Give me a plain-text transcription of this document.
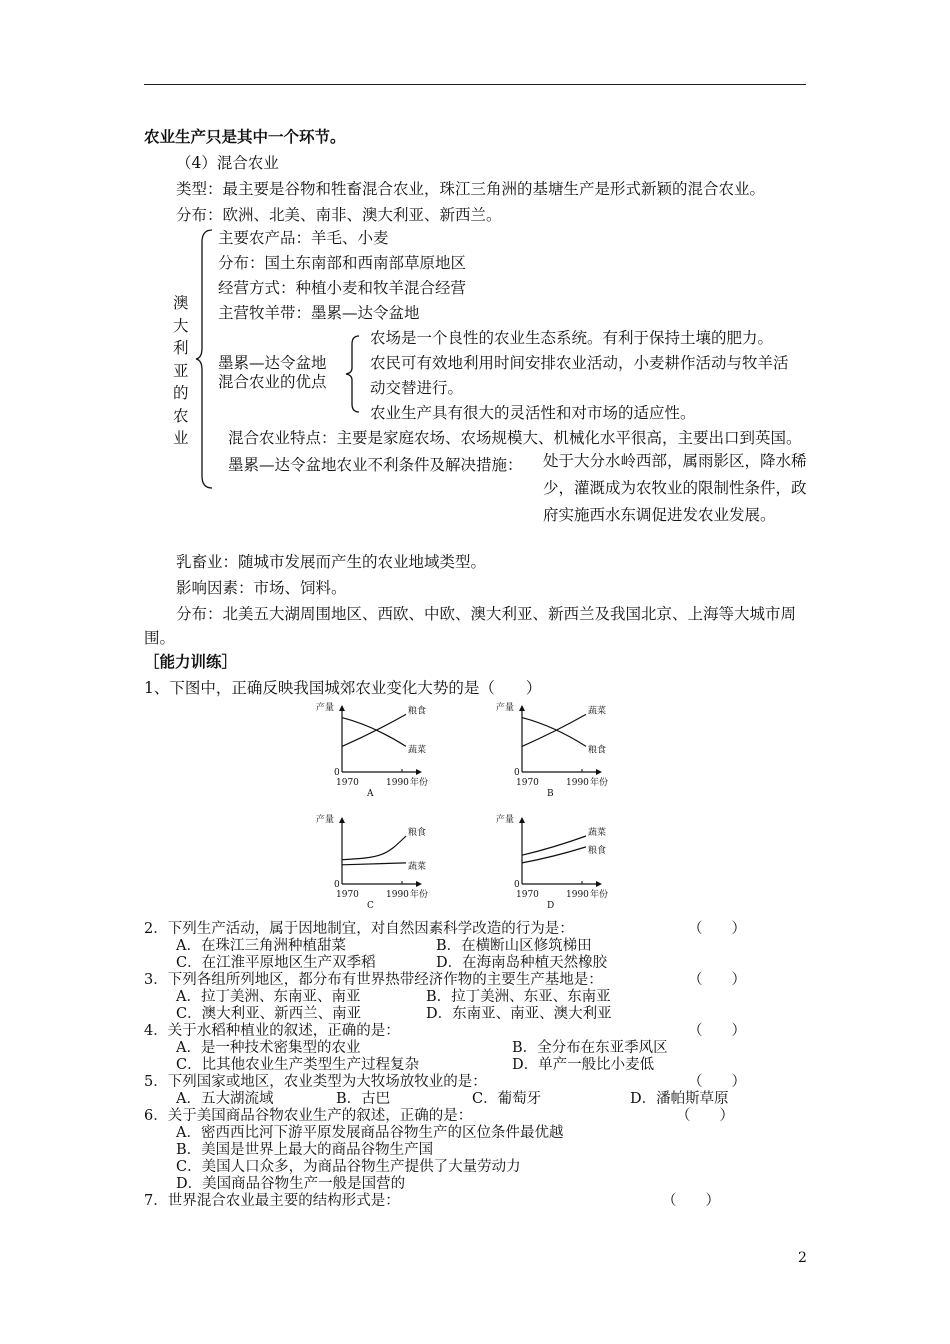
农业生产只是其中一个环节。
（4）混合农业
类型：最主要是谷物和牲畜混合农业，珠江三角洲的基塘生产是形式新颖的混合农业。
分布：欧洲、北美、南非、澳大利亚、新西兰。
澳大利亚的农业
主要农产品：羊毛、小麦
分布：国土东南部和西南部草原地区
经营方式：种植小麦和牧羊混合经营
主营牧羊带：墨累—达令盆地
墨累—达令盆地
混合农业的优点
农场是一个良性的农业生态系统。有利于保持土壤的肥力。
农民可有效地利用时间安排农业活动，小麦耕作活动与牧羊活
动交替进行。
农业生产具有很大的灵活性和对市场的适应性。
混合农业特点：主要是家庭农场、农场规模大、机械化水平很高，主要出口到英国。
墨累—达令盆地农业不利条件及解决措施： 处于大分水岭西部，属雨影区，降水稀少，灌溉成为农牧业的限制性条件，政府实施西水东调促进发农业发展。
乳畜业：随城市发展而产生的农业地域类型。
影响因素：市场、饲料。
分布：北美五大湖周围地区、西欧、中欧、澳大利亚、新西兰及我国北京、上海等大城市周
围。
［能力训练］
1、下图中，正确反映我国城郊农业变化大势的是（　　）
产量
0
1970	1990 年份
A
粮食
蔬菜
产量
0
1970	1990 年份
B
蔬菜
粮食
产量
0
1970	1990 年份
C
粮食
蔬菜
产量
0
1970	1990 年份
D
蔬菜
粮食
2．下列生产活动，属于因地制宜，对自然因素科学改造的行为是：	（　　）
A．在珠江三角洲种植甜菜	B．在横断山区修筑梯田
C．在江淮平原地区生产双季稻	D．在海南岛种植天然橡胶
3．下列各组所列地区，都分布有世界热带经济作物的主要生产基地是：	（　　）
A．拉丁美洲、东南亚、南亚	B．拉丁美洲、东亚、东南亚
C．澳大利亚、新西兰、南亚	D．东南亚、南亚、澳大利亚
4．关于水稻种植业的叙述，正确的是：	（　　）
A．是一种技术密集型的农业	B．全分布在东亚季风区
C．比其他农业生产类型生产过程复杂	D．单产一般比小麦低
5．下列国家或地区，农业类型为大牧场放牧业的是：	（　　）
A．五大湖流域	B．古巴	C．葡萄牙	D．潘帕斯草原
6．关于美国商品谷物农业生产的叙述，正确的是：	（　　）
A．密西西比河下游平原发展商品谷物生产的区位条件最优越
B．美国是世界上最大的商品谷物生产国
C．美国人口众多，为商品谷物生产提供了大量劳动力
D．美国商品谷物生产一般是国营的
7．世界混合农业最主要的结构形式是：	（　　）
2
